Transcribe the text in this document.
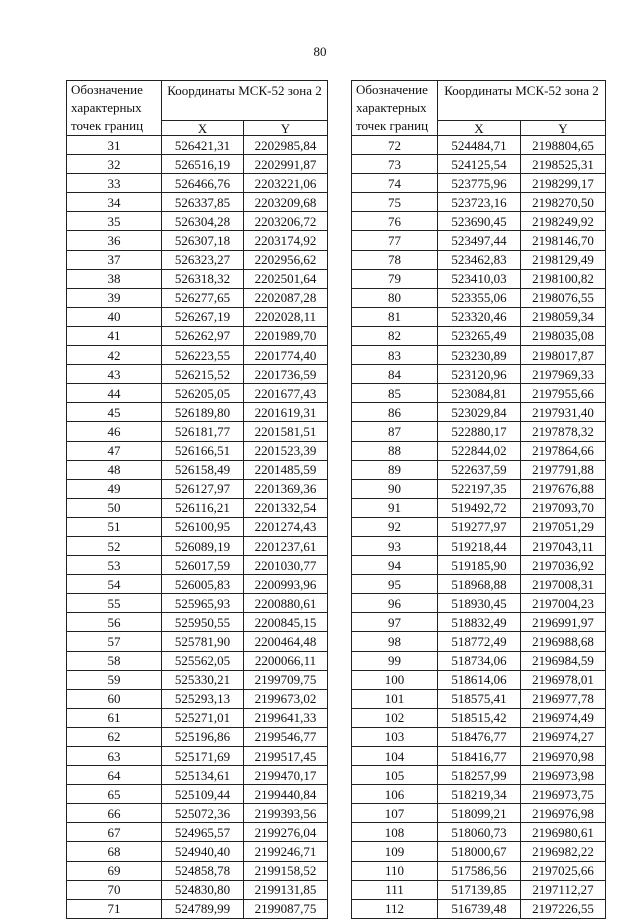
80
Обозначение характерных точек границ	Координаты МСК-52 зона 2	
	X	Y
31	526421,31	2202985,84
32	526516,19	2202991,87
33	526466,76	2203221,06
34	526337,85	2203209,68
35	526304,28	2203206,72
36	526307,18	2203174,92
37	526323,27	2202956,62
38	526318,32	2202501,64
39	526277,65	2202087,28
40	526267,19	2202028,11
41	526262,97	2201989,70
42	526223,55	2201774,40
43	526215,52	2201736,59
44	526205,05	2201677,43
45	526189,80	2201619,31
46	526181,77	2201581,51
47	526166,51	2201523,39
48	526158,49	2201485,59
49	526127,97	2201369,36
50	526116,21	2201332,54
51	526100,95	2201274,43
52	526089,19	2201237,61
53	526017,59	2201030,77
54	526005,83	2200993,96
55	525965,93	2200880,61
56	525950,55	2200845,15
57	525781,90	2200464,48
58	525562,05	2200066,11
59	525330,21	2199709,75
60	525293,13	2199673,02
61	525271,01	2199641,33
62	525196,86	2199546,77
63	525171,69	2199517,45
64	525134,61	2199470,17
65	525109,44	2199440,84
66	525072,36	2199393,56
67	524965,57	2199276,04
68	524940,40	2199246,71
69	524858,78	2199158,52
70	524830,80	2199131,85
71	524789,99	2199087,75
Обозначение характерных точек границ	Координаты МСК-52 зона 2	
	X	Y
72	524484,71	2198804,65
73	524125,54	2198525,31
74	523775,96	2198299,17
75	523723,16	2198270,50
76	523690,45	2198249,92
77	523497,44	2198146,70
78	523462,83	2198129,49
79	523410,03	2198100,82
80	523355,06	2198076,55
81	523320,46	2198059,34
82	523265,49	2198035,08
83	523230,89	2198017,87
84	523120,96	2197969,33
85	523084,81	2197955,66
86	523029,84	2197931,40
87	522880,17	2197878,32
88	522844,02	2197864,66
89	522637,59	2197791,88
90	522197,35	2197676,88
91	519492,72	2197093,70
92	519277,97	2197051,29
93	519218,44	2197043,11
94	519185,90	2197036,92
95	518968,88	2197008,31
96	518930,45	2197004,23
97	518832,49	2196991,97
98	518772,49	2196988,68
99	518734,06	2196984,59
100	518614,06	2196978,01
101	518575,41	2196977,78
102	518515,42	2196974,49
103	518476,77	2196974,27
104	518416,77	2196970,98
105	518257,99	2196973,98
106	518219,34	2196973,75
107	518099,21	2196976,98
108	518060,73	2196980,61
109	518000,67	2196982,22
110	517586,56	2197025,66
111	517139,85	2197112,27
112	516739,48	2197226,55
